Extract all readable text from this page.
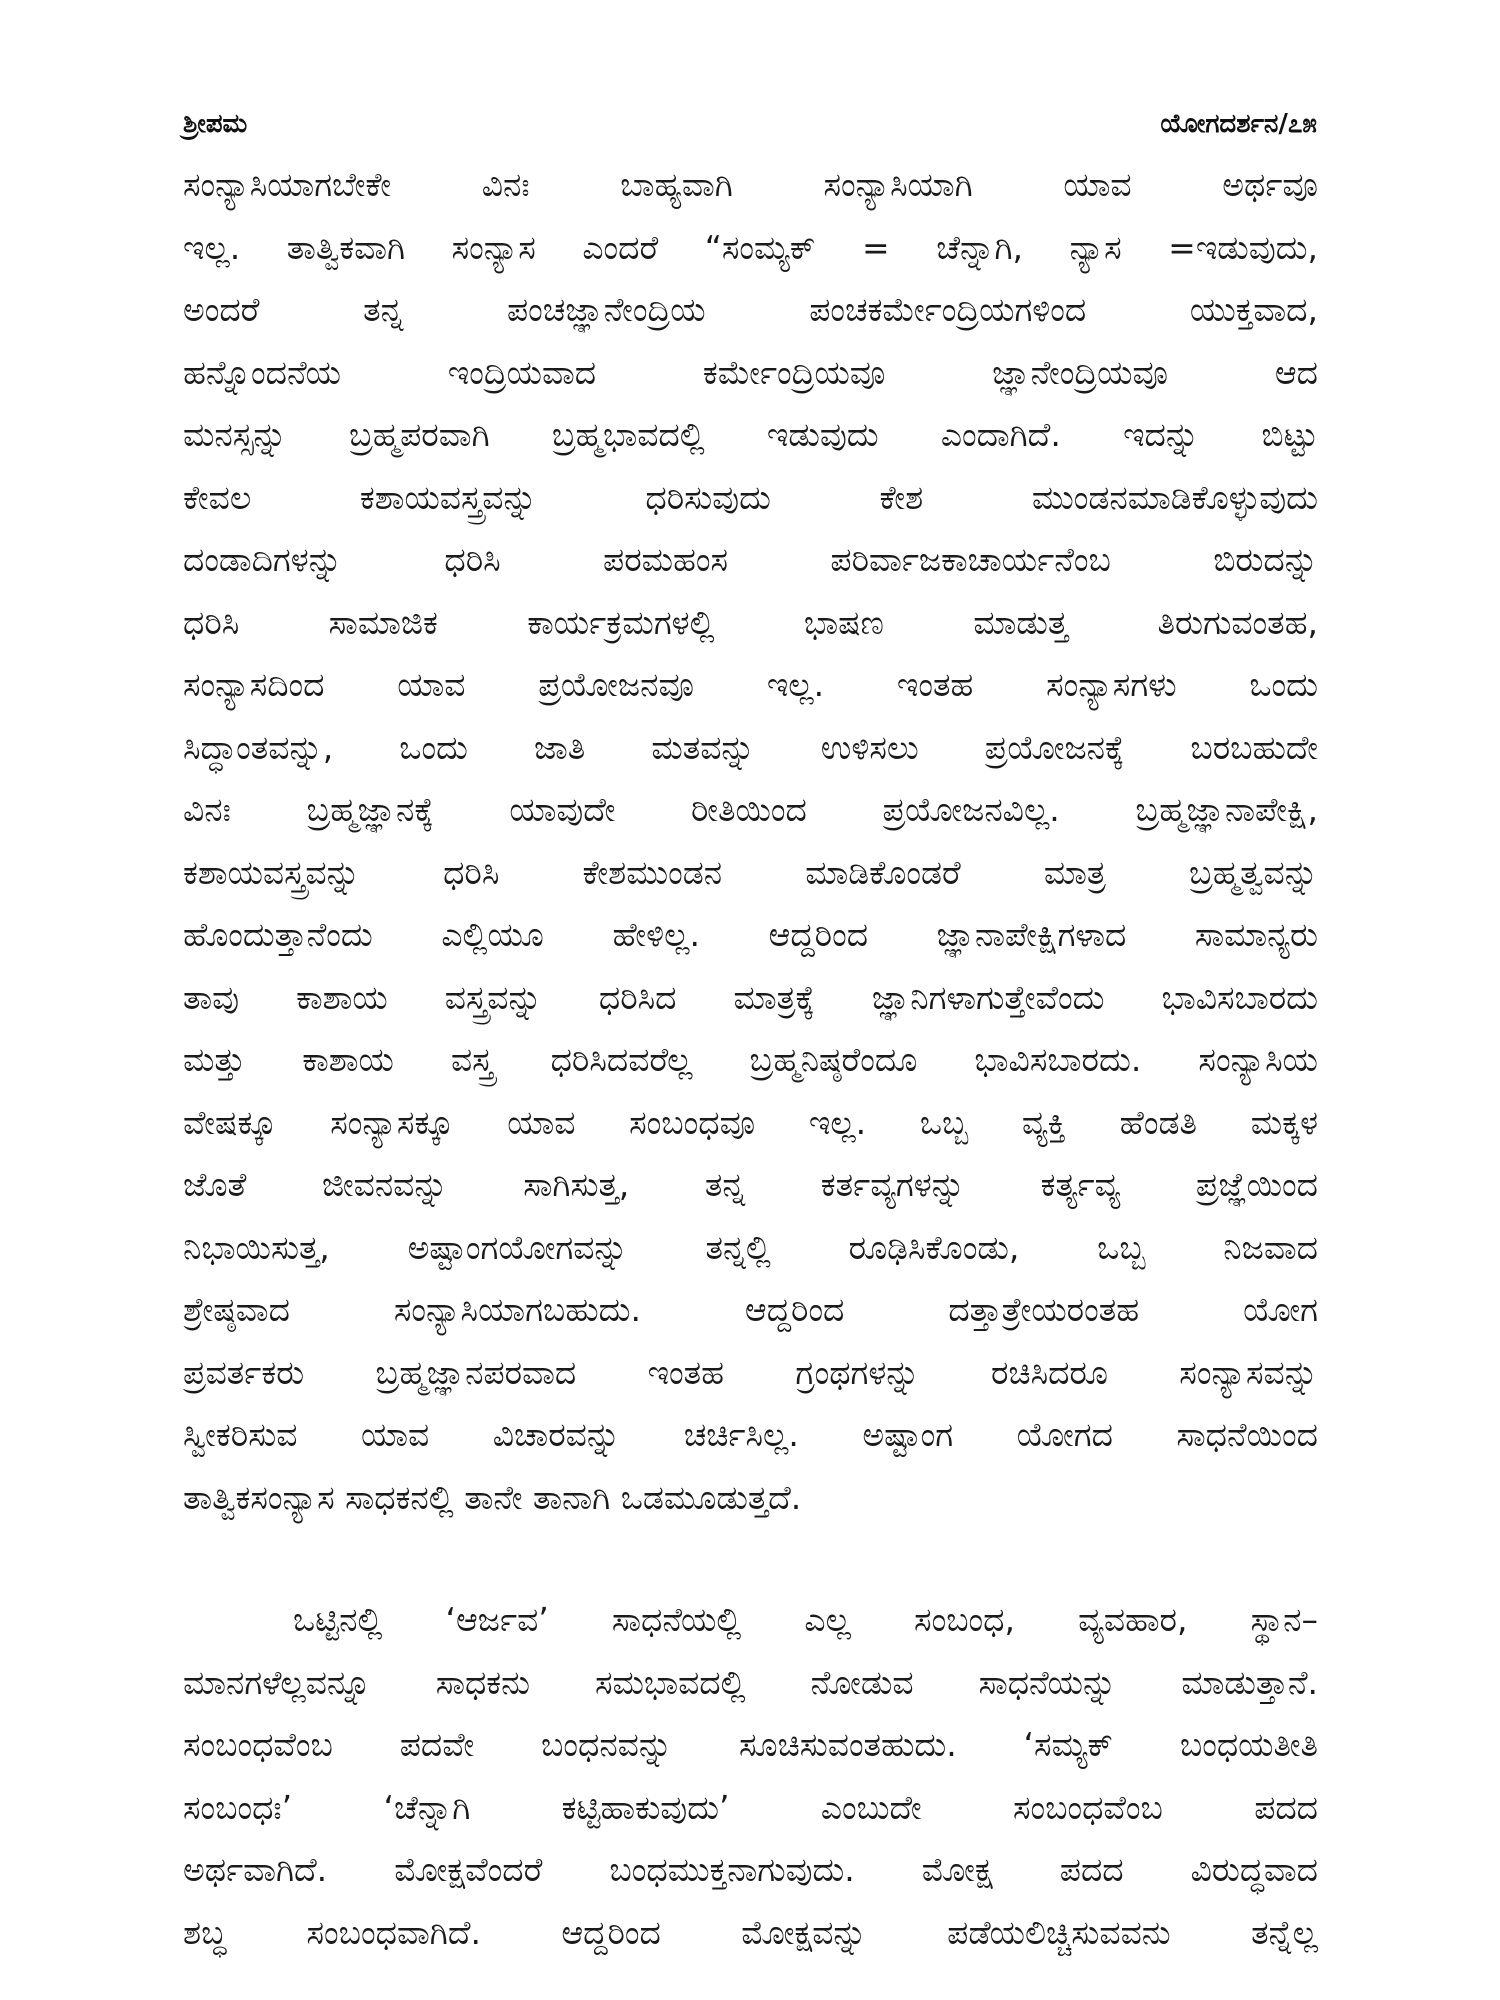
ಶ್ರೀಪಮ	ಯೋಗದರ್ಶನ/೭೫
ಸಂನ್ಯಾಸಿಯಾಗಬೇಕೇ ವಿನಃ ಬಾಹ್ಯವಾಗಿ ಸಂನ್ಯಾಸಿಯಾಗಿ ಯಾವ ಅರ್ಥವೂ
ಇಲ್ಲ. ತಾತ್ವಿಕವಾಗಿ ಸಂನ್ಯಾಸ ಎಂದರೆ “ಸಂಮ್ಯಕ್ = ಚೆನ್ನಾಗಿ, ನ್ಯಾಸ =ಇಡುವುದು,
ಅಂದರೆ ತನ್ನ ಪಂಚಜ್ಞಾನೇಂದ್ರಿಯ ಪಂಚಕರ್ಮೇಂದ್ರಿಯಗಳಿಂದ ಯುಕ್ತವಾದ,
ಹನ್ನೊಂದನೆಯ ಇಂದ್ರಿಯವಾದ ಕರ್ಮೇಂದ್ರಿಯವೂ ಜ್ಞಾನೇಂದ್ರಿಯವೂ ಆದ
ಮನಸ್ಸನ್ನು ಬ್ರಹ್ಮಪರವಾಗಿ ಬ್ರಹ್ಮಭಾವದಲ್ಲಿ ಇಡುವುದು ಎಂದಾಗಿದೆ. ಇದನ್ನು ಬಿಟ್ಟು
ಕೇವಲ ಕಶಾಯವಸ್ತ್ರವನ್ನು ಧರಿಸುವುದು ಕೇಶ ಮುಂಡನಮಾಡಿಕೊಳ್ಳುವುದು
ದಂಡಾದಿಗಳನ್ನು ಧರಿಸಿ ಪರಮಹಂಸ ಪರಿರ್ವಾಜಕಾಚಾರ್ಯನೆಂಬ ಬಿರುದನ್ನು
ಧರಿಸಿ ಸಾಮಾಜಿಕ ಕಾರ್ಯಕ್ರಮಗಳಲ್ಲಿ ಭಾಷಣ ಮಾಡುತ್ತ ತಿರುಗುವಂತಹ,
ಸಂನ್ಯಾಸದಿಂದ ಯಾವ ಪ್ರಯೋಜನವೂ ಇಲ್ಲ. ಇಂತಹ ಸಂನ್ಯಾಸಗಳು ಒಂದು
ಸಿದ್ಧಾಂತವನ್ನು, ಒಂದು ಜಾತಿ ಮತವನ್ನು ಉಳಿಸಲು ಪ್ರಯೋಜನಕ್ಕೆ ಬರಬಹುದೇ
ವಿನಃ ಬ್ರಹ್ಮಜ್ಞಾನಕ್ಕೆ ಯಾವುದೇ ರೀತಿಯಿಂದ ಪ್ರಯೋಜನವಿಲ್ಲ. ಬ್ರಹ್ಮಜ್ಞಾನಾಪೇಕ್ಷಿ,
ಕಶಾಯವಸ್ತ್ರವನ್ನು ಧರಿಸಿ ಕೇಶಮುಂಡನ ಮಾಡಿಕೊಂಡರೆ ಮಾತ್ರ ಬ್ರಹ್ಮತ್ವವನ್ನು
ಹೊಂದುತ್ತಾನೆಂದು ಎಲ್ಲಿಯೂ ಹೇಳಿಲ್ಲ. ಆದ್ದರಿಂದ ಜ್ಞಾನಾಪೇಕ್ಷಿಗಳಾದ ಸಾಮಾನ್ಯರು
ತಾವು ಕಾಶಾಯ ವಸ್ತ್ರವನ್ನು ಧರಿಸಿದ ಮಾತ್ರಕ್ಕೆ ಜ್ಞಾನಿಗಳಾಗುತ್ತೇವೆಂದು ಭಾವಿಸಬಾರದು
ಮತ್ತು ಕಾಶಾಯ ವಸ್ತ್ರ ಧರಿಸಿದವರೆಲ್ಲ ಬ್ರಹ್ಮನಿಷ್ಠರೆಂದೂ ಭಾವಿಸಬಾರದು. ಸಂನ್ಯಾಸಿಯ
ವೇಷಕ್ಕೂ ಸಂನ್ಯಾಸಕ್ಕೂ ಯಾವ ಸಂಬಂಧವೂ ಇಲ್ಲ. ಒಬ್ಬ ವ್ಯಕ್ತಿ ಹೆಂಡತಿ ಮಕ್ಕಳ
ಜೊತೆ ಜೀವನವನ್ನು ಸಾಗಿಸುತ್ತ, ತನ್ನ ಕರ್ತವ್ಯಗಳನ್ನು ಕರ್ತ್ಯವ್ಯ ಪ್ರಜ್ಞೆಯಿಂದ
ನಿಭಾಯಿಸುತ್ತ, ಅಷ್ಟಾಂಗಯೋಗವನ್ನು ತನ್ನಲ್ಲಿ ರೂಢಿಸಿಕೊಂಡು, ಒಬ್ಬ ನಿಜವಾದ
ಶ್ರೇಷ್ಠವಾದ ಸಂನ್ಯಾಸಿಯಾಗಬಹುದು. ಆದ್ದರಿಂದ ದತ್ತಾತ್ರೇಯರಂತಹ ಯೋಗ
ಪ್ರವರ್ತಕರು ಬ್ರಹ್ಮಜ್ಞಾನಪರವಾದ ಇಂತಹ ಗ್ರಂಥಗಳನ್ನು ರಚಿಸಿದರೂ ಸಂನ್ಯಾಸವನ್ನು
ಸ್ವೀಕರಿಸುವ ಯಾವ ವಿಚಾರವನ್ನು ಚರ್ಚಿಸಿಲ್ಲ. ಅಷ್ಟಾಂಗ ಯೋಗದ ಸಾಧನೆಯಿಂದ
ತಾತ್ವಿಕಸಂನ್ಯಾಸ ಸಾಧಕನಲ್ಲಿ ತಾನೇ ತಾನಾಗಿ ಒಡಮೂಡುತ್ತದೆ.
ಒಟ್ಟಿನಲ್ಲಿ ‘ಆರ್ಜವ’ ಸಾಧನೆಯಲ್ಲಿ ಎಲ್ಲ ಸಂಬಂಧ, ವ್ಯವಹಾರ, ಸ್ಥಾನ–
ಮಾನಗಳೆಲ್ಲವನ್ನೂ ಸಾಧಕನು ಸಮಭಾವದಲ್ಲಿ ನೋಡುವ ಸಾಧನೆಯನ್ನು ಮಾಡುತ್ತಾನೆ.
ಸಂಬಂಧವೆಂಬ ಪದವೇ ಬಂಧನವನ್ನು ಸೂಚಿಸುವಂತಹುದು. ‘ಸಮ್ಯಕ್ ಬಂಧಯತೀತಿ
ಸಂಬಂಧಃ’ ‘ಚೆನ್ನಾಗಿ ಕಟ್ಟಿಹಾಕುವುದು’ ಎಂಬುದೇ ಸಂಬಂಧವೆಂಬ ಪದದ
ಅರ್ಥವಾಗಿದೆ. ಮೋಕ್ಷವೆಂದರೆ ಬಂಧಮುಕ್ತನಾಗುವುದು. ಮೋಕ್ಷ ಪದದ ವಿರುದ್ಧವಾದ
ಶಬ್ಧ ಸಂಬಂಧವಾಗಿದೆ. ಆದ್ದರಿಂದ ಮೋಕ್ಷವನ್ನು ಪಡೆಯಲಿಚ್ಚಿಸುವವನು ತನ್ನೆಲ್ಲ
